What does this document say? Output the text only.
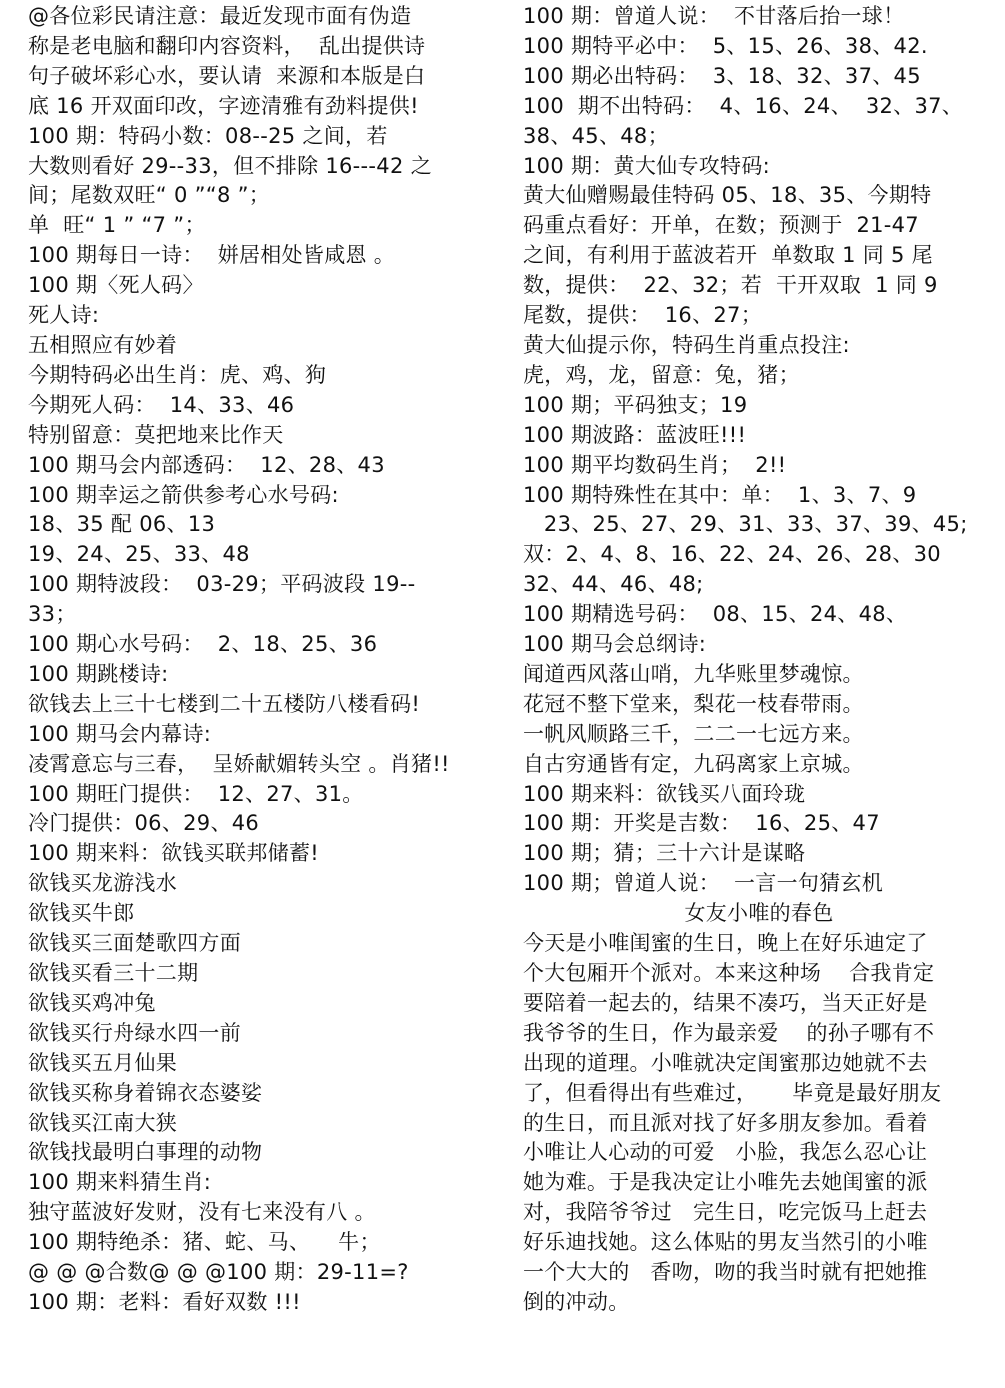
@各位彩民请注意：最近发现市面有伪造
称是老电脑和翻印内容资料，  乱出提供诗
句子破坏彩心水，要认请  来源和本版是白
底 16 开双面印改，字迹清雅有劲料提供!
100 期：特码小数：08--25 之间，若
大数则看好 29--33，但不排除 16---42 之
间；尾数双旺“ 0 ”“8 ”；
单  旺“ 1 ” “7 ”；
100 期每日一诗：  姘居相处皆咸恩 。
100 期〈死人码〉
死人诗:
五相照应有妙着
今期特码必出生肖：虎、鸡、狗
今期死人码：  14、33、46
特别留意：莫把地来比作天
100 期马会内部透码：  12、28、43
100 期幸运之箭供参考心水号码:
18、35 配 06、13
19、24、25、33、48
100 期特波段：  03-29；平码波段 19--
33；
100 期心水号码：  2、18、25、36
100 期跳楼诗:
欲钱去上三十七楼到二十五楼防八楼看码!
100 期马会内幕诗:
凌霄意忘与三春，  呈娇献媚转头空 。肖猪!!
100 期旺门提供：  12、27、31。
冷门提供：06、29、46
100 期来料：欲钱买联邦储蓄!
欲钱买龙游浅水
欲钱买牛郎
欲钱买三面楚歌四方面
欲钱买看三十二期
欲钱买鸡冲兔
欲钱买行舟绿水四一前
欲钱买五月仙果
欲钱买称身着锦衣态婆娑
欲钱买江南大狭
欲钱找最明白事理的动物
100 期来料猜生肖:
独守蓝波好发财，没有七来没有八 。
100 期特绝杀：猪、蛇、马、    牛；
@ @ @合数@ @ @100 期：29-11=?
100 期：老料：看好双数 !!!
100 期：曾道人说：  不甘落后抬一球！
100 期特平必中：  5、15、26、38、42.
100 期必出特码：  3、18、32、37、45
100  期不出特码：  4、16、24、  32、37、
38、45、48；
100 期：黄大仙专攻特码:
黄大仙赠赐最佳特码 05、18、35、今期特
码重点看好：开单，在数；预测于  21-47
之间，有利用于蓝波若开  单数取 1 同 5 尾
数，提供：  22、32；若  干开双取  1 同 9
尾数，提供：  16、27；
黄大仙提示你，特码生肖重点投注:
虎，鸡，龙，留意：兔，猪；
100 期；平码独支；19
100 期波路：蓝波旺!!!
100 期平均数码生肖；  2!!
100 期特殊性在其中：单：  1、3、7、9
23、25、27、29、31、33、37、39、45;
双：2、4、8、16、22、24、26、28、30
32、44、46、48;
100 期精选号码：  08、15、24、48、
100 期马会总纲诗:
闻道西风落山哨，九华账里梦魂惊。
花冠不整下堂来，梨花一枝春带雨。
一帆风顺路三千，二二一七远方来。
自古穷通皆有定，九码离家上京城。
100 期来料：欲钱买八面玲珑
100 期：开奖是吉数：  16、25、47
100 期；猜；三十六计是谋略
100 期；曾道人说：  一言一句猜玄机
女友小唯的春色
今天是小唯闺蜜的生日，晚上在好乐迪定了
个大包厢开个派对。本来这种场    合我肯定
要陪着一起去的，结果不凑巧，当天正好是
我爷爷的生日，作为最亲爱    的孙子哪有不
出现的道理。小唯就决定闺蜜那边她就不去
了，但看得出有些难过，     毕竟是最好朋友
的生日，而且派对找了好多朋友参加。看着
小唯让人心动的可爱   小脸，我怎么忍心让
她为难。于是我决定让小唯先去她闺蜜的派
对，我陪爷爷过   完生日，吃完饭马上赶去
好乐迪找她。这么体贴的男友当然引的小唯
一个大大的   香吻，吻的我当时就有把她推
倒的冲动。
